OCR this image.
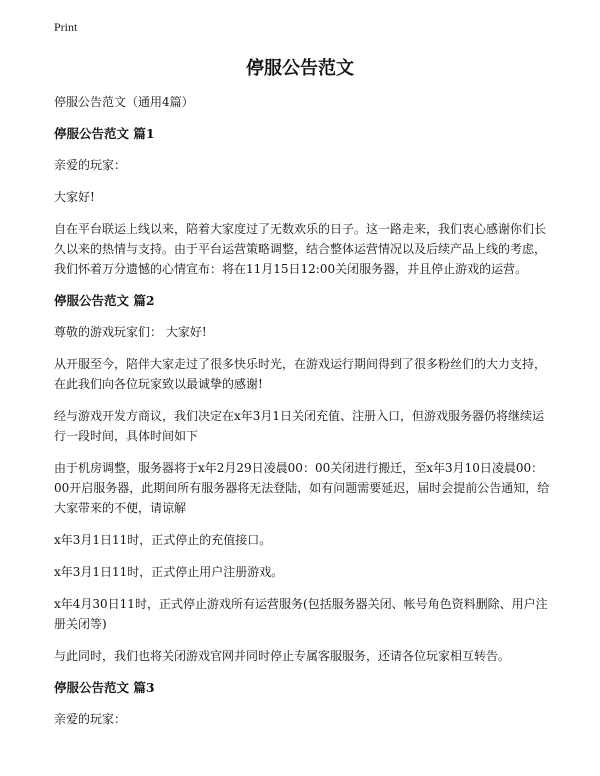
Print
停服公告范文

停服公告范文（通用4篇）

停服公告范文 篇1

亲爱的玩家：

大家好!

自在平台联运上线以来，陪着大家度过了无数欢乐的日子。这一路走来，我们衷心感谢你们长久以来的热情与支持。由于平台运营策略调整，结合整体运营情况以及后续产品上线的考虑，我们怀着万分遗憾的心情宣布：将在11月15日12:00关闭服务器，并且停止游戏的运营。

停服公告范文 篇2

尊敬的游戏玩家们： 大家好!

从开服至今，陪伴大家走过了很多快乐时光，在游戏运行期间得到了很多粉丝们的大力支持，在此我们向各位玩家致以最诚挚的感谢!

经与游戏开发方商议，我们决定在x年3月1日关闭充值、注册入口，但游戏服务器仍将继续运行一段时间，具体时间如下

由于机房调整，服务器将于x年2月29日凌晨00：00关闭进行搬迁，至x年3月10日凌晨00：00开启服务器，此期间所有服务器将无法登陆，如有问题需要延迟，届时会提前公告通知，给大家带来的不便，请谅解

x年3月1日11时，正式停止的充值接口。

x年3月1日11时，正式停止用户注册游戏。

x年4月30日11时，正式停止游戏所有运营服务(包括服务器关闭、帐号角色资料删除、用户注册关闭等)

与此同时，我们也将关闭游戏官网并同时停止专属客服服务，还请各位玩家相互转告。

停服公告范文 篇3

亲爱的玩家：
